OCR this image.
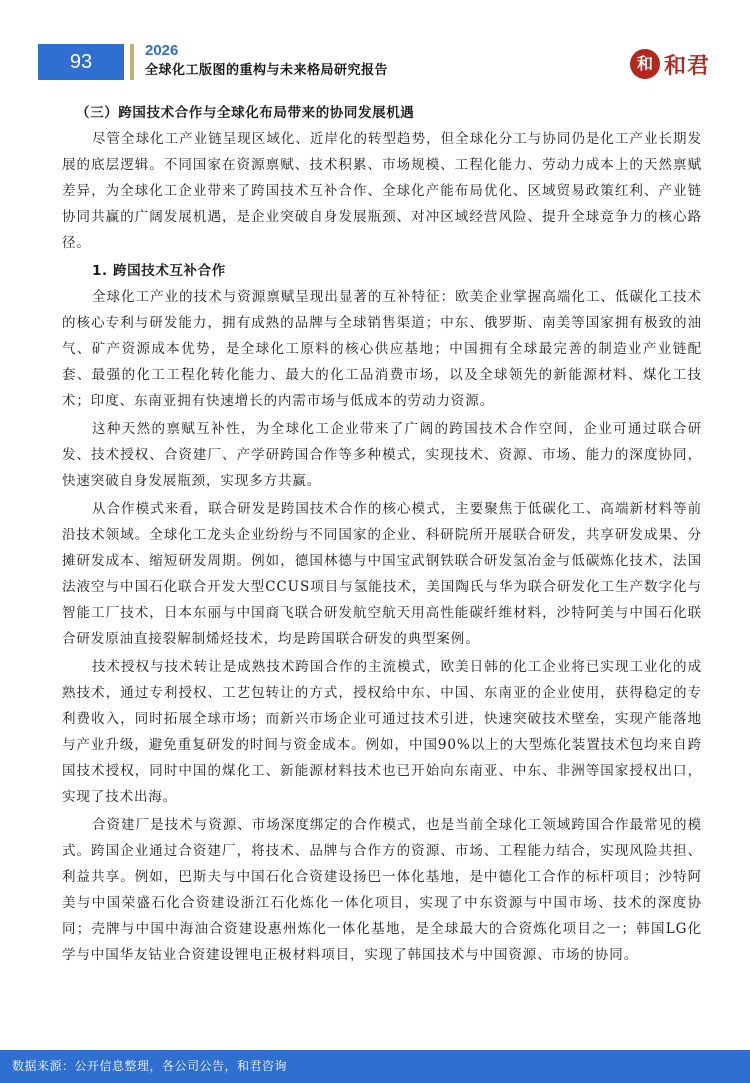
93
2026
全球化工版图的重构与未来格局研究报告	和 和君
（三）跨国技术合作与全球化布局带来的协同发展机遇
尽管全球化工产业链呈现区域化、近岸化的转型趋势，但全球化分工与协同仍是化工产业长期发展的底层逻辑。不同国家在资源禀赋、技术积累、市场规模、工程化能力、劳动力成本上的天然禀赋差异，为全球化工企业带来了跨国技术互补合作、全球化产能布局优化、区域贸易政策红利、产业链协同共赢的广阔发展机遇，是企业突破自身发展瓶颈、对冲区域经营风险、提升全球竞争力的核心路径。
1. 跨国技术互补合作
全球化工产业的技术与资源禀赋呈现出显著的互补特征：欧美企业掌握高端化工、低碳化工技术的核心专利与研发能力，拥有成熟的品牌与全球销售渠道；中东、俄罗斯、南美等国家拥有极致的油气、矿产资源成本优势，是全球化工原料的核心供应基地；中国拥有全球最完善的制造业产业链配套、最强的化工工程化转化能力、最大的化工品消费市场，以及全球领先的新能源材料、煤化工技术；印度、东南亚拥有快速增长的内需市场与低成本的劳动力资源。
这种天然的禀赋互补性，为全球化工企业带来了广阔的跨国技术合作空间，企业可通过联合研发、技术授权、合资建厂、产学研跨国合作等多种模式，实现技术、资源、市场、能力的深度协同，快速突破自身发展瓶颈，实现多方共赢。
从合作模式来看，联合研发是跨国技术合作的核心模式，主要聚焦于低碳化工、高端新材料等前沿技术领域。全球化工龙头企业纷纷与不同国家的企业、科研院所开展联合研发，共享研发成果、分摊研发成本、缩短研发周期。例如，德国林德与中国宝武钢铁联合研发氢冶金与低碳炼化技术，法国法液空与中国石化联合开发大型CCUS项目与氢能技术，美国陶氏与华为联合研发化工生产数字化与智能工厂技术，日本东丽与中国商飞联合研发航空航天用高性能碳纤维材料，沙特阿美与中国石化联合研发原油直接裂解制烯烃技术，均是跨国联合研发的典型案例。
技术授权与技术转让是成熟技术跨国合作的主流模式，欧美日韩的化工企业将已实现工业化的成熟技术，通过专利授权、工艺包转让的方式，授权给中东、中国、东南亚的企业使用，获得稳定的专利费收入，同时拓展全球市场；而新兴市场企业可通过技术引进，快速突破技术壁垒，实现产能落地与产业升级，避免重复研发的时间与资金成本。例如，中国90%以上的大型炼化装置技术包均来自跨国技术授权，同时中国的煤化工、新能源材料技术也已开始向东南亚、中东、非洲等国家授权出口，实现了技术出海。
合资建厂是技术与资源、市场深度绑定的合作模式，也是当前全球化工领域跨国合作最常见的模式。跨国企业通过合资建厂，将技术、品牌与合作方的资源、市场、工程能力结合，实现风险共担、利益共享。例如，巴斯夫与中国石化合资建设扬巴一体化基地，是中德化工合作的标杆项目；沙特阿美与中国荣盛石化合资建设浙江石化炼化一体化项目，实现了中东资源与中国市场、技术的深度协同；壳牌与中国中海油合资建设惠州炼化一体化基地，是全球最大的合资炼化项目之一；韩国LG化学与中国华友钴业合资建设锂电正极材料项目，实现了韩国技术与中国资源、市场的协同。
数据来源：公开信息整理，各公司公告，和君咨询
